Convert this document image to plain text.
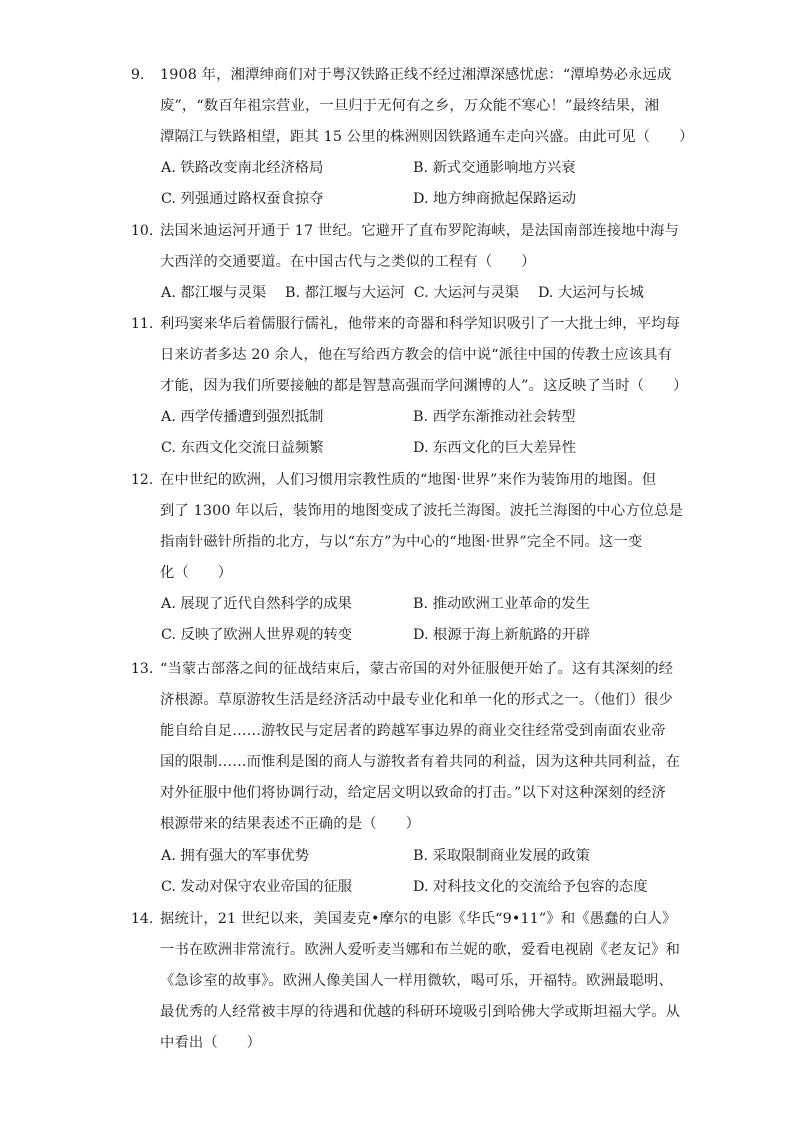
9. 1908 年，湘潭绅商们对于粤汉铁路正线不经过湘潭深感忧虑：“潭埠势必永远成
废”，“数百年祖宗营业，一旦归于无何有之乡，万众能不寒心！”最终结果，湘
潭隔江与铁路相望，距其 15 公里的株洲则因铁路通车走向兴盛。由此可见（　　）
A. 铁路改变南北经济格局	B. 新式交通影响地方兴衰
C. 列强通过路权蚕食掠夺	D. 地方绅商掀起保路运动
10. 法国米迪运河开通于 17 世纪。它避开了直布罗陀海峡，是法国南部连接地中海与
大西洋的交通要道。在中国古代与之类似的工程有（　　）
A. 都江堰与灵渠　 B. 都江堰与大运河  C. 大运河与灵渠　 D. 大运河与长城
11. 利玛窦来华后着儒服行儒礼，他带来的奇器和科学知识吸引了一大批士绅，平均每
日来访者多达 20 余人，他在写给西方教会的信中说“派往中国的传教士应该具有
才能，因为我们所要接触的都是智慧高强而学问渊博的人”。这反映了当时（　　）
A. 西学传播遭到强烈抵制	B. 西学东渐推动社会转型
C. 东西文化交流日益频繁	D. 东西文化的巨大差异性
12. 在中世纪的欧洲，人们习惯用宗教性质的“地图·世界”来作为装饰用的地图。但
到了 1300 年以后，装饰用的地图变成了波托兰海图。波托兰海图的中心方位总是
指南针磁针所指的北方，与以“东方”为中心的“地图·世界”完全不同。这一变
化（　　）
A. 展现了近代自然科学的成果	B. 推动欧洲工业革命的发生
C. 反映了欧洲人世界观的转变	D. 根源于海上新航路的开辟
13. “当蒙古部落之间的征战结束后，蒙古帝国的对外征服便开始了。这有其深刻的经
济根源。草原游牧生活是经济活动中最专业化和单一化的形式之一。（他们）很少
能自给自足……游牧民与定居者的跨越军事边界的商业交往经常受到南面农业帝
国的限制……而惟利是图的商人与游牧者有着共同的利益，因为这种共同利益，在
对外征服中他们将协调行动，给定居文明以致命的打击。”以下对这种深刻的经济
根源带来的结果表述不正确的是（　　）
A. 拥有强大的军事优势	B. 采取限制商业发展的政策
C. 发动对保守农业帝国的征服	D. 对科技文化的交流给予包容的态度
14. 据统计，21 世纪以来，美国麦克•摩尔的电影《华氏“9•11”》和《愚蠢的白人》
一书在欧洲非常流行。欧洲人爱听麦当娜和布兰妮的歌，爱看电视剧《老友记》和
《急诊室的故事》。欧洲人像美国人一样用微软，喝可乐，开福特。欧洲最聪明、
最优秀的人经常被丰厚的待遇和优越的科研环境吸引到哈佛大学或斯坦福大学。从
中看出（　　）
